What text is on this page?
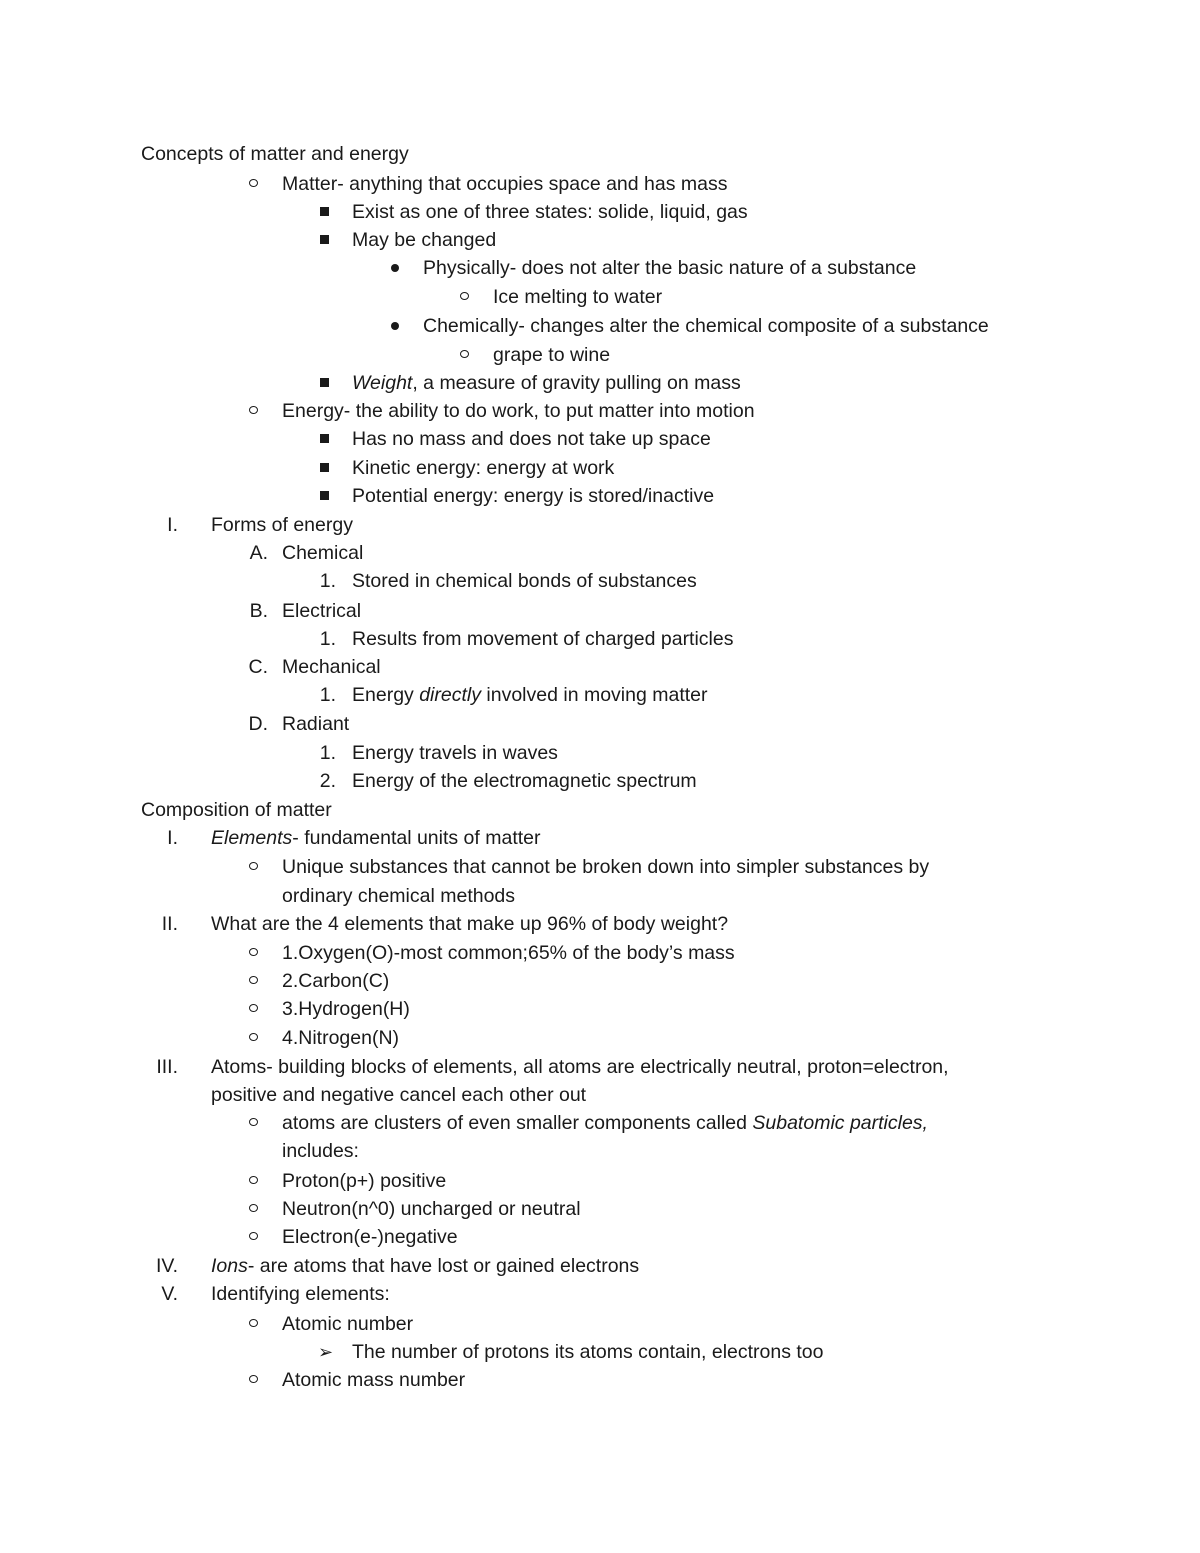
Concepts of matter and energy
Matter- anything that occupies space and has mass
Exist as one of three states: solide, liquid, gas
May be changed
Physically- does not alter the basic nature of a substance
Ice melting to water
Chemically- changes alter the chemical composite of a substance
grape to wine
Weight, a measure of gravity pulling on mass
Energy- the ability to do work, to put matter into motion
Has no mass and does not take up space
Kinetic energy: energy at work
Potential energy: energy is stored/inactive
I. Forms of energy
A. Chemical
1. Stored in chemical bonds of substances
B. Electrical
1. Results from movement of charged particles
C. Mechanical
1. Energy directly involved in moving matter
D. Radiant
1. Energy travels in waves
2. Energy of the electromagnetic spectrum
Composition of matter
I. Elements- fundamental units of matter
Unique substances that cannot be broken down into simpler substances by
ordinary chemical methods
II. What are the 4 elements that make up 96% of body weight?
1.Oxygen(O)-most common;65% of the body’s mass
2.Carbon(C)
3.Hydrogen(H)
4.Nitrogen(N)
III. Atoms- building blocks of elements, all atoms are electrically neutral, proton=electron,
positive and negative cancel each other out
atoms are clusters of even smaller components called Subatomic particles,
includes:
Proton(p+) positive
Neutron(n^0) uncharged or neutral
Electron(e-)negative
IV. Ions- are atoms that have lost or gained electrons
V. Identifying elements:
Atomic number
➢ The number of protons its atoms contain, electrons too
Atomic mass number
